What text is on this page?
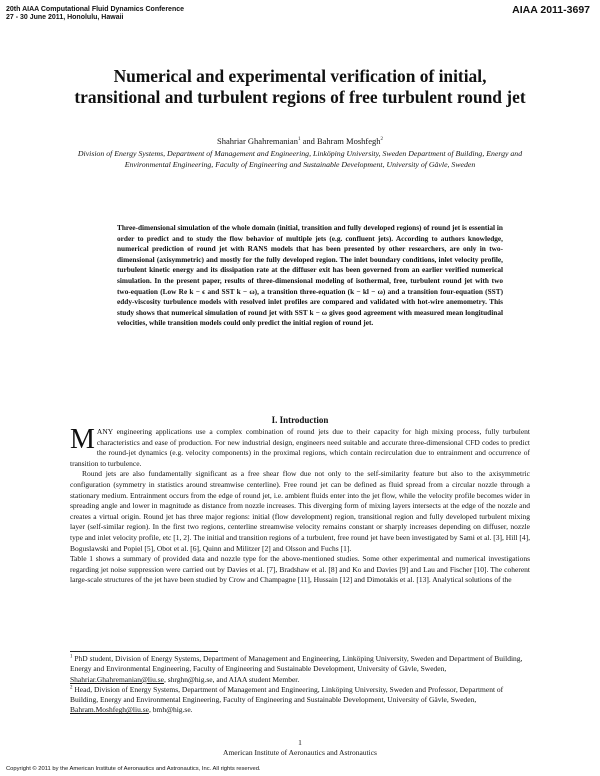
20th AIAA Computational Fluid Dynamics Conference
27 - 30 June 2011, Honolulu, Hawaii
AIAA 2011-3697
Numerical and experimental verification of initial,
transitional and turbulent regions of free turbulent round jet
Shahriar Ghahremanian$^1$ and Bahram Moshfegh$^2$
Division of Energy Systems, Department of Management and Engineering, Linköping University, Sweden Department of Building, Energy and Environmental Engineering, Faculty of Engineering and Sustainable Development, University of Gävle, Sweden
Three-dimensional simulation of the whole domain (initial, transition and fully developed regions) of round jet is essential in order to predict and to study the flow behavior of multiple jets (e.g. confluent jets). According to authors knowledge, numerical prediction of round jet with RANS models that has been presented by other researchers, are only in two-dimensional (axisymmetric) and mostly for the fully developed region. The inlet boundary conditions, inlet velocity profile, turbulent kinetic energy and its dissipation rate at the diffuser exit has been governed from an earlier verified numerical simulation. In the present paper, results of three-dimensional modeling of isothermal, free, turbulent round jet with two two-equation (Low Re k − ϵ and SST k − ω), a transition three-equation (k − kl − ω) and a transition four-equation (SST) eddy-viscosity turbulence models with resolved inlet profiles are compared and validated with hot-wire anemometry. This study shows that numerical simulation of round jet with SST k − ω gives good agreement with measured mean longitudinal velocities, while transition models could only predict the initial region of round jet.
I. Introduction

MANY engineering applications use a complex combination of round jets due to their capacity for high mixing process, fully turbulent characteristics and ease of production. For new industrial design, engineers need suitable and accurate three-dimensional CFD codes to predict the round-jet dynamics (e.g. velocity components) in the proximal regions, which contain recirculation due to entrainment and occurrence of transition to turbulence.

Round jets are also fundamentally significant as a free shear flow due not only to the self-similarity feature but also to the axisymmetric configuration (symmetry in statistics around streamwise centerline). Free round jet can be defined as fluid spread from a circular nozzle through a stationary medium. Entrainment occurs from the edge of round jet, i.e. ambient fluids enter into the jet flow, while the velocity profile becomes wider in spreading angle and lower in magnitude as distance from nozzle increases. This diverging form of mixing layers intersects at the edge of the nozzle and creates a virtual origin. Round jet has three major regions: initial (flow development) region, transitional region and fully developed turbulent mixing layer (self-similar region). In the first two regions, centerline streamwise velocity remains constant or sharply increases depending on diffuser, nozzle type and inlet velocity profile, etc [1, 2]. The initial and transition regions of a turbulent, free round jet have been investigated by Sami et al. [3], Hill [4], Boguslawski and Popiel [5], Obot et al. [6], Quinn and Militzer [2] and Olsson and Fuchs [1].

Table 1 shows a summary of provided data and nozzle type for the above-mentioned studies. Some other experimental and numerical investigations regarding jet noise suppression were carried out by Davies et al. [7], Bradshaw et al. [8] and Ko and Davies [9] and Lau and Fischer [10]. The coherent large-scale structures of the jet have been studied by Crow and Champagne [11], Hussain [12] and Dimotakis et al. [13]. Analytical solutions of the

$^1$ PhD student, Division of Energy Systems, Department of Management and Engineering, Linköping University, Sweden and Department of Building, Energy and Environmental Engineering, Faculty of Engineering and Sustainable Development, University of Gävle, Sweden, Shahriar.Ghahremanian@liu.se, shrghn@hig.se, and AIAA student Member.

$^2$ Head, Division of Energy Systems, Department of Management and Engineering, Linköping University, Sweden and Professor, Department of Building, Energy and Environmental Engineering, Faculty of Engineering and Sustainable Development, University of Gävle, Sweden, Bahram.Moshfegh@liu.se, bmh@hig.se.

1
American Institute of Aeronautics and Astronautics
Copyright © 2011 by the American Institute of Aeronautics and Astronautics, Inc. All rights reserved.
